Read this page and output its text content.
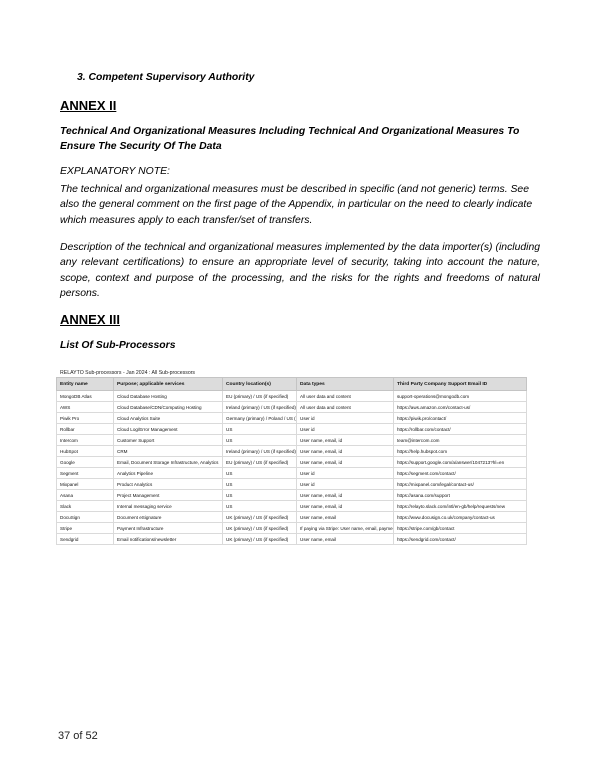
3. Competent Supervisory Authority
ANNEX II
Technical And Organizational Measures Including Technical And Organizational Measures To Ensure The Security Of The Data
EXPLANATORY NOTE:
The technical and organizational measures must be described in specific (and not generic) terms. See also the general comment on the first page of the Appendix, in particular on the need to clearly indicate which measures apply to each transfer/set of transfers.
Description of the technical and organizational measures implemented by the data importer(s) (including any relevant certifications) to ensure an appropriate level of security, taking into account the nature, scope, context and purpose of the processing, and the risks for the rights and freedoms of natural persons.
ANNEX III
List Of Sub-Processors
RELAYTO Sub-processors - Jan 2024 : All Sub-processors
Entity name	Purpose; applicable services	Country location(s)	Data types	Third Party Company Support Email ID
MongoDB Atlas	Cloud Database Hosting	EU (primary) / US (if specified)	All user data and content	support-operations@mongodb.com
AWS	Cloud Database/CDN/Computing Hosting	Ireland (primary) / US (if specified)	All user data and content	https://aws.amazon.com/contact-us/
Piwik Pro	Cloud Analytics Suite	Germany (primary) / Poland / US (	User id	https://piwik.pro/contact/
Rollbar	Cloud Log/Error Management	US	User id	https://rollbar.com/contact/
Intercom	Customer Support	US	User name, email, id	team@intercom.com
HubSpot	CRM	Ireland (primary) / US (if specified)	User name, email, id	https://help.hubspot.com
Google	Email, Document Storage Infrastructure, Analytics	EU (primary) / US (if specified)	User name, email, id	https://support.google.com/a/answer/1047213?hl=en
Segment	Analytics Pipeline	US	User id	https://segment.com/contact/
Mixpanel	Product Analytics	US	User id	https://mixpanel.com/legal/contact-us/
Asana	Project Management	US	User name, email, id	https://asana.com/support
Slack	Internal messaging service	US	User name, email, id	https://relayto.slack.com/intl/en-gb/help/requests/new
DocuSign	Document eSignature	UK (primary) / US (if specified)	User name, email	https://www.docusign.co.uk/company/contact-us
Stripe	Payment Infrastructure	UK (primary) / US (if specified)	If paying via Stripe: User name, email, payme	https://stripe.com/gb/contact
Sendgrid	Email notifications/newsletter	UK (primary) / US (if specified)	User name, email	https://sendgrid.com/contact/
37 of 52
